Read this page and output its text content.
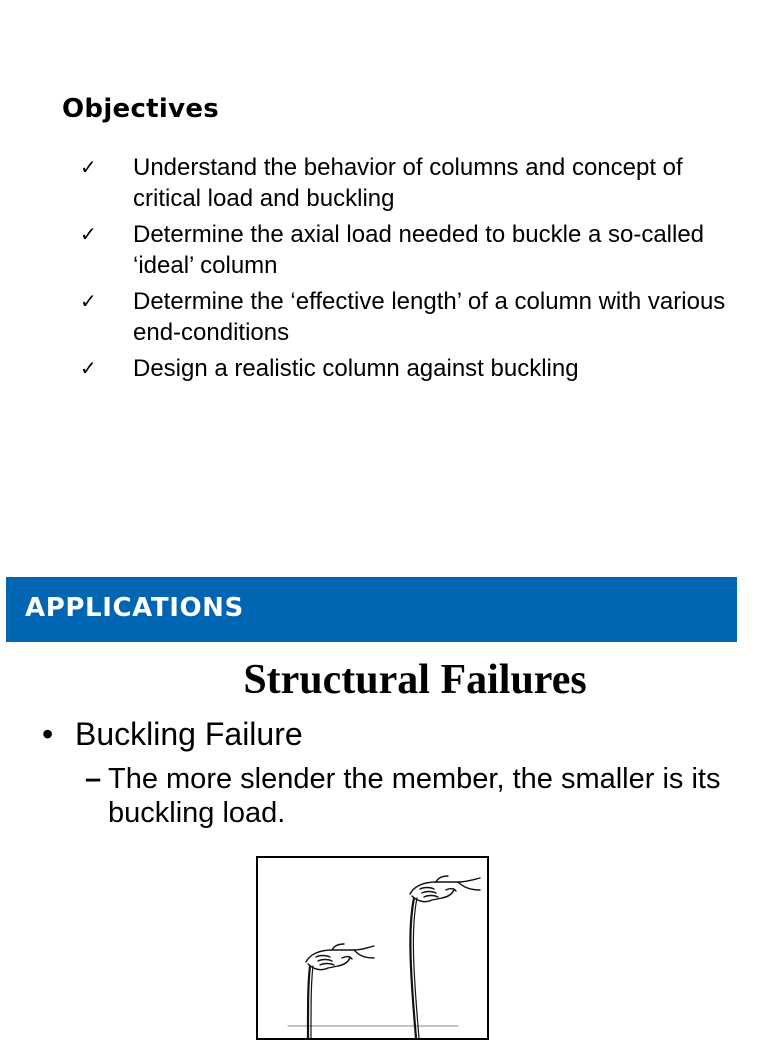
Objectives
✓ Understand the behavior of columns and concept of critical load and buckling
✓ Determine the axial load needed to buckle a so-called ‘ideal’ column
✓ Determine the ‘effective length’ of a column with various end-conditions
✓ Design a realistic column against buckling
APPLICATIONS
Structural Failures
• Buckling Failure
– The more slender the member, the smaller is its buckling load.
